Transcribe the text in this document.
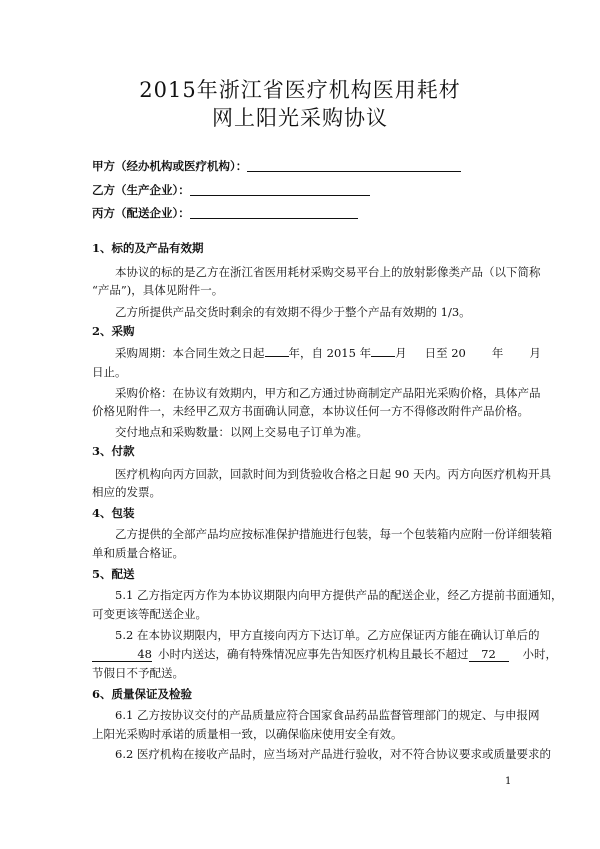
2015年浙江省医疗机构医用耗材
网上阳光采购协议
甲方（经办机构或医疗机构）：
乙方（生产企业）：
丙方（配送企业）：
1、标的及产品有效期
本协议的标的是乙方在浙江省医用耗材采购交易平台上的放射影像类产品（以下简称
“产品”)，具体见附件一。
乙方所提供产品交货时剩余的有效期不得少于整个产品有效期的 1/3。
2、采购
采购周期：本合同生效之日起 年，自 2015 年 月 日至 20 年 月
日止。
采购价格：在协议有效期内，甲方和乙方通过协商制定产品阳光采购价格，具体产品
价格见附件一，未经甲乙双方书面确认同意，本协议任何一方不得修改附件产品价格。
交付地点和采购数量：以网上交易电子订单为准。
3、付款
医疗机构向丙方回款，回款时间为到货验收合格之日起 90 天内。丙方向医疗机构开具
相应的发票。
4、包装
乙方提供的全部产品均应按标准保护措施进行包装，每一个包装箱内应附一份详细装箱
单和质量合格证。
5、配送
5.1 乙方指定丙方作为本协议期限内向甲方提供产品的配送企业，经乙方提前书面通知，
可变更该等配送企业。
5.2 在本协议期限内，甲方直接向丙方下达订单。乙方应保证丙方能在确认订单后的
48 小时内送达，确有特殊情况应事先告知医疗机构且最长不超过 72 小时，
节假日不予配送。
6、质量保证及检验
6.1 乙方按协议交付的产品质量应符合国家食品药品监督管理部门的规定、与申报网
上阳光采购时承诺的质量相一致，以确保临床使用安全有效。
6.2 医疗机构在接收产品时，应当场对产品进行验收，对不符合协议要求或质量要求的
1
